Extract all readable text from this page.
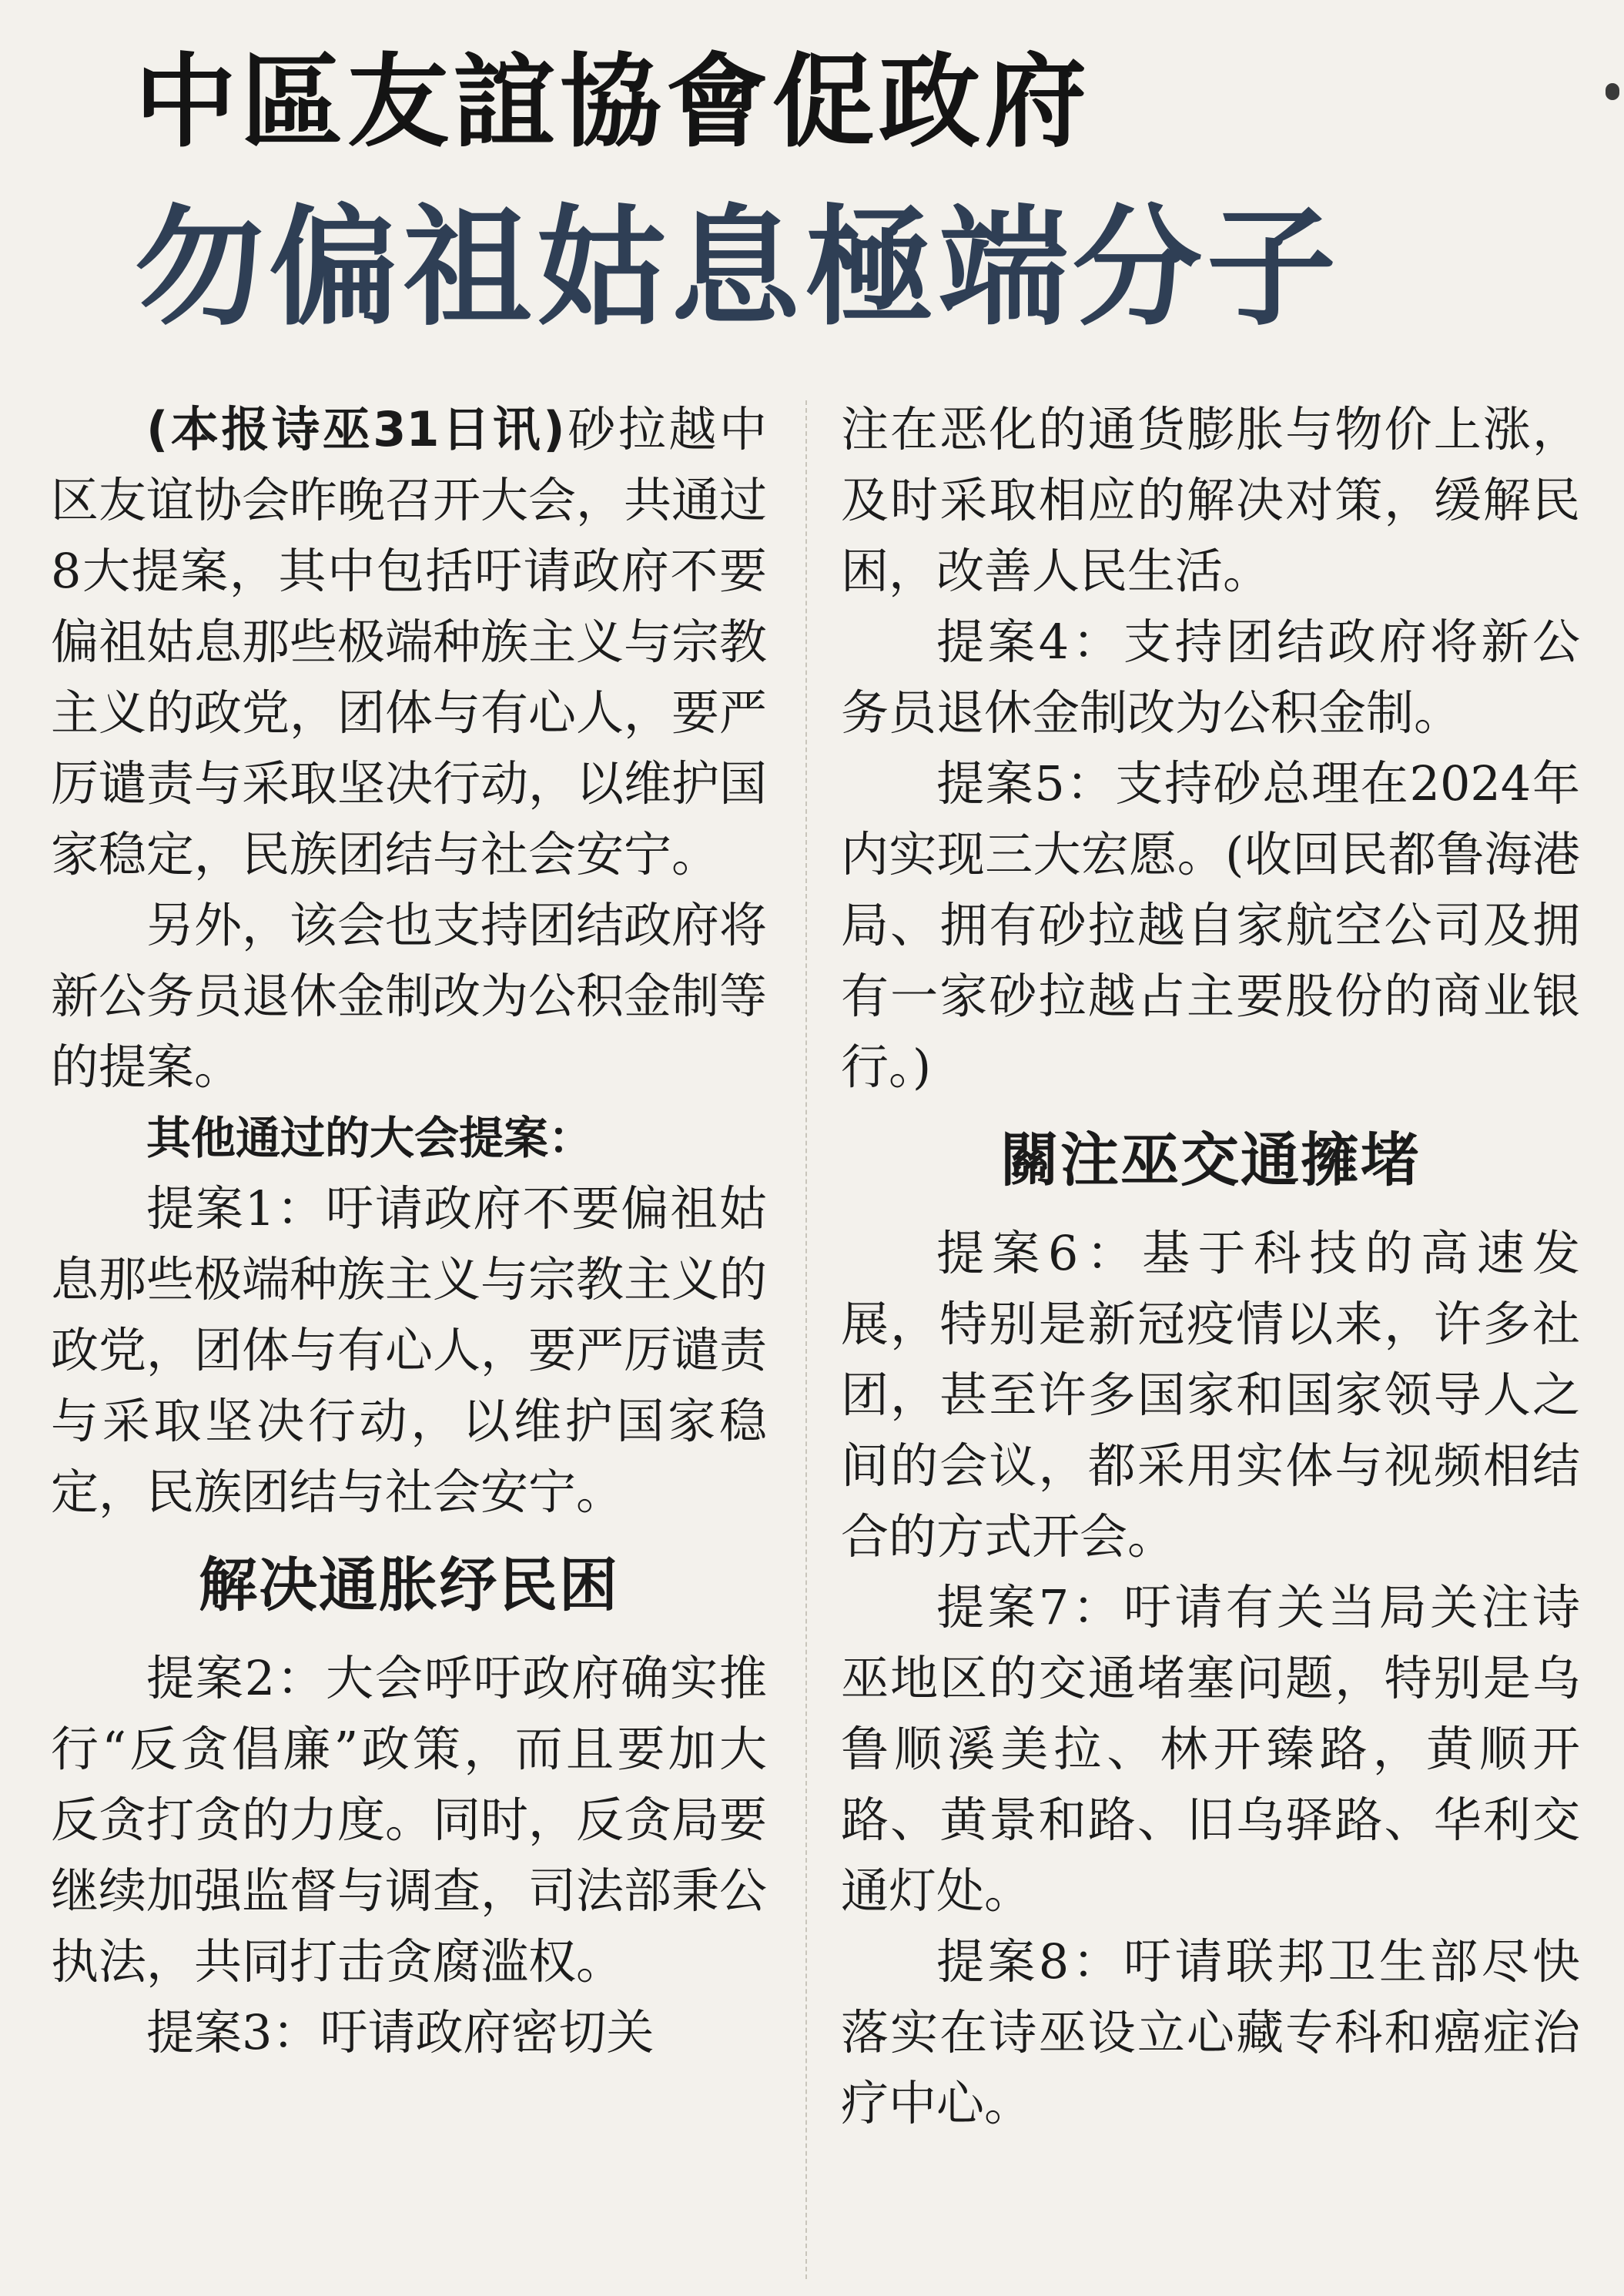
中區友誼協會促政府
勿偏祖姑息極端分子

(本报诗巫31日讯)砂拉越中区友谊协会昨晚召开大会，共通过8大提案，其中包括吁请政府不要偏祖姑息那些极端种族主义与宗教主义的政党，团体与有心人，要严厉谴责与采取坚决行动，以维护国家稳定，民族团结与社会安宁。

另外，该会也支持团结政府将新公务员退休金制改为公积金制等的提案。

其他通过的大会提案：

提案1：吁请政府不要偏祖姑息那些极端种族主义与宗教主义的政党，团体与有心人，要严厉谴责与采取坚决行动，以维护国家稳定，民族团结与社会安宁。

解决通胀纾民困

提案2：大会呼吁政府确实推行“反贪倡廉”政策，而且要加大反贪打贪的力度。同时，反贪局要继续加强监督与调查，司法部秉公执法，共同打击贪腐滥权。

提案3：吁请政府密切关

注在恶化的通货膨胀与物价上涨，及时采取相应的解决对策，缓解民困，改善人民生活。

提案4：支持团结政府将新公务员退休金制改为公积金制。

提案5：支持砂总理在2024年内实现三大宏愿。(收回民都鲁海港局、拥有砂拉越自家航空公司及拥有一家砂拉越占主要股份的商业银行。)

關注巫交通擁堵

提案6：基于科技的高速发展，特别是新冠疫情以来，许多社团，甚至许多国家和国家领导人之间的会议，都采用实体与视频相结合的方式开会。

提案7：吁请有关当局关注诗巫地区的交通堵塞问题，特别是乌鲁顺溪美拉、林开臻路，黄顺开路、黄景和路、旧乌驿路、华利交通灯处。

提案8：吁请联邦卫生部尽快落实在诗巫设立心藏专科和癌症治疗中心。
